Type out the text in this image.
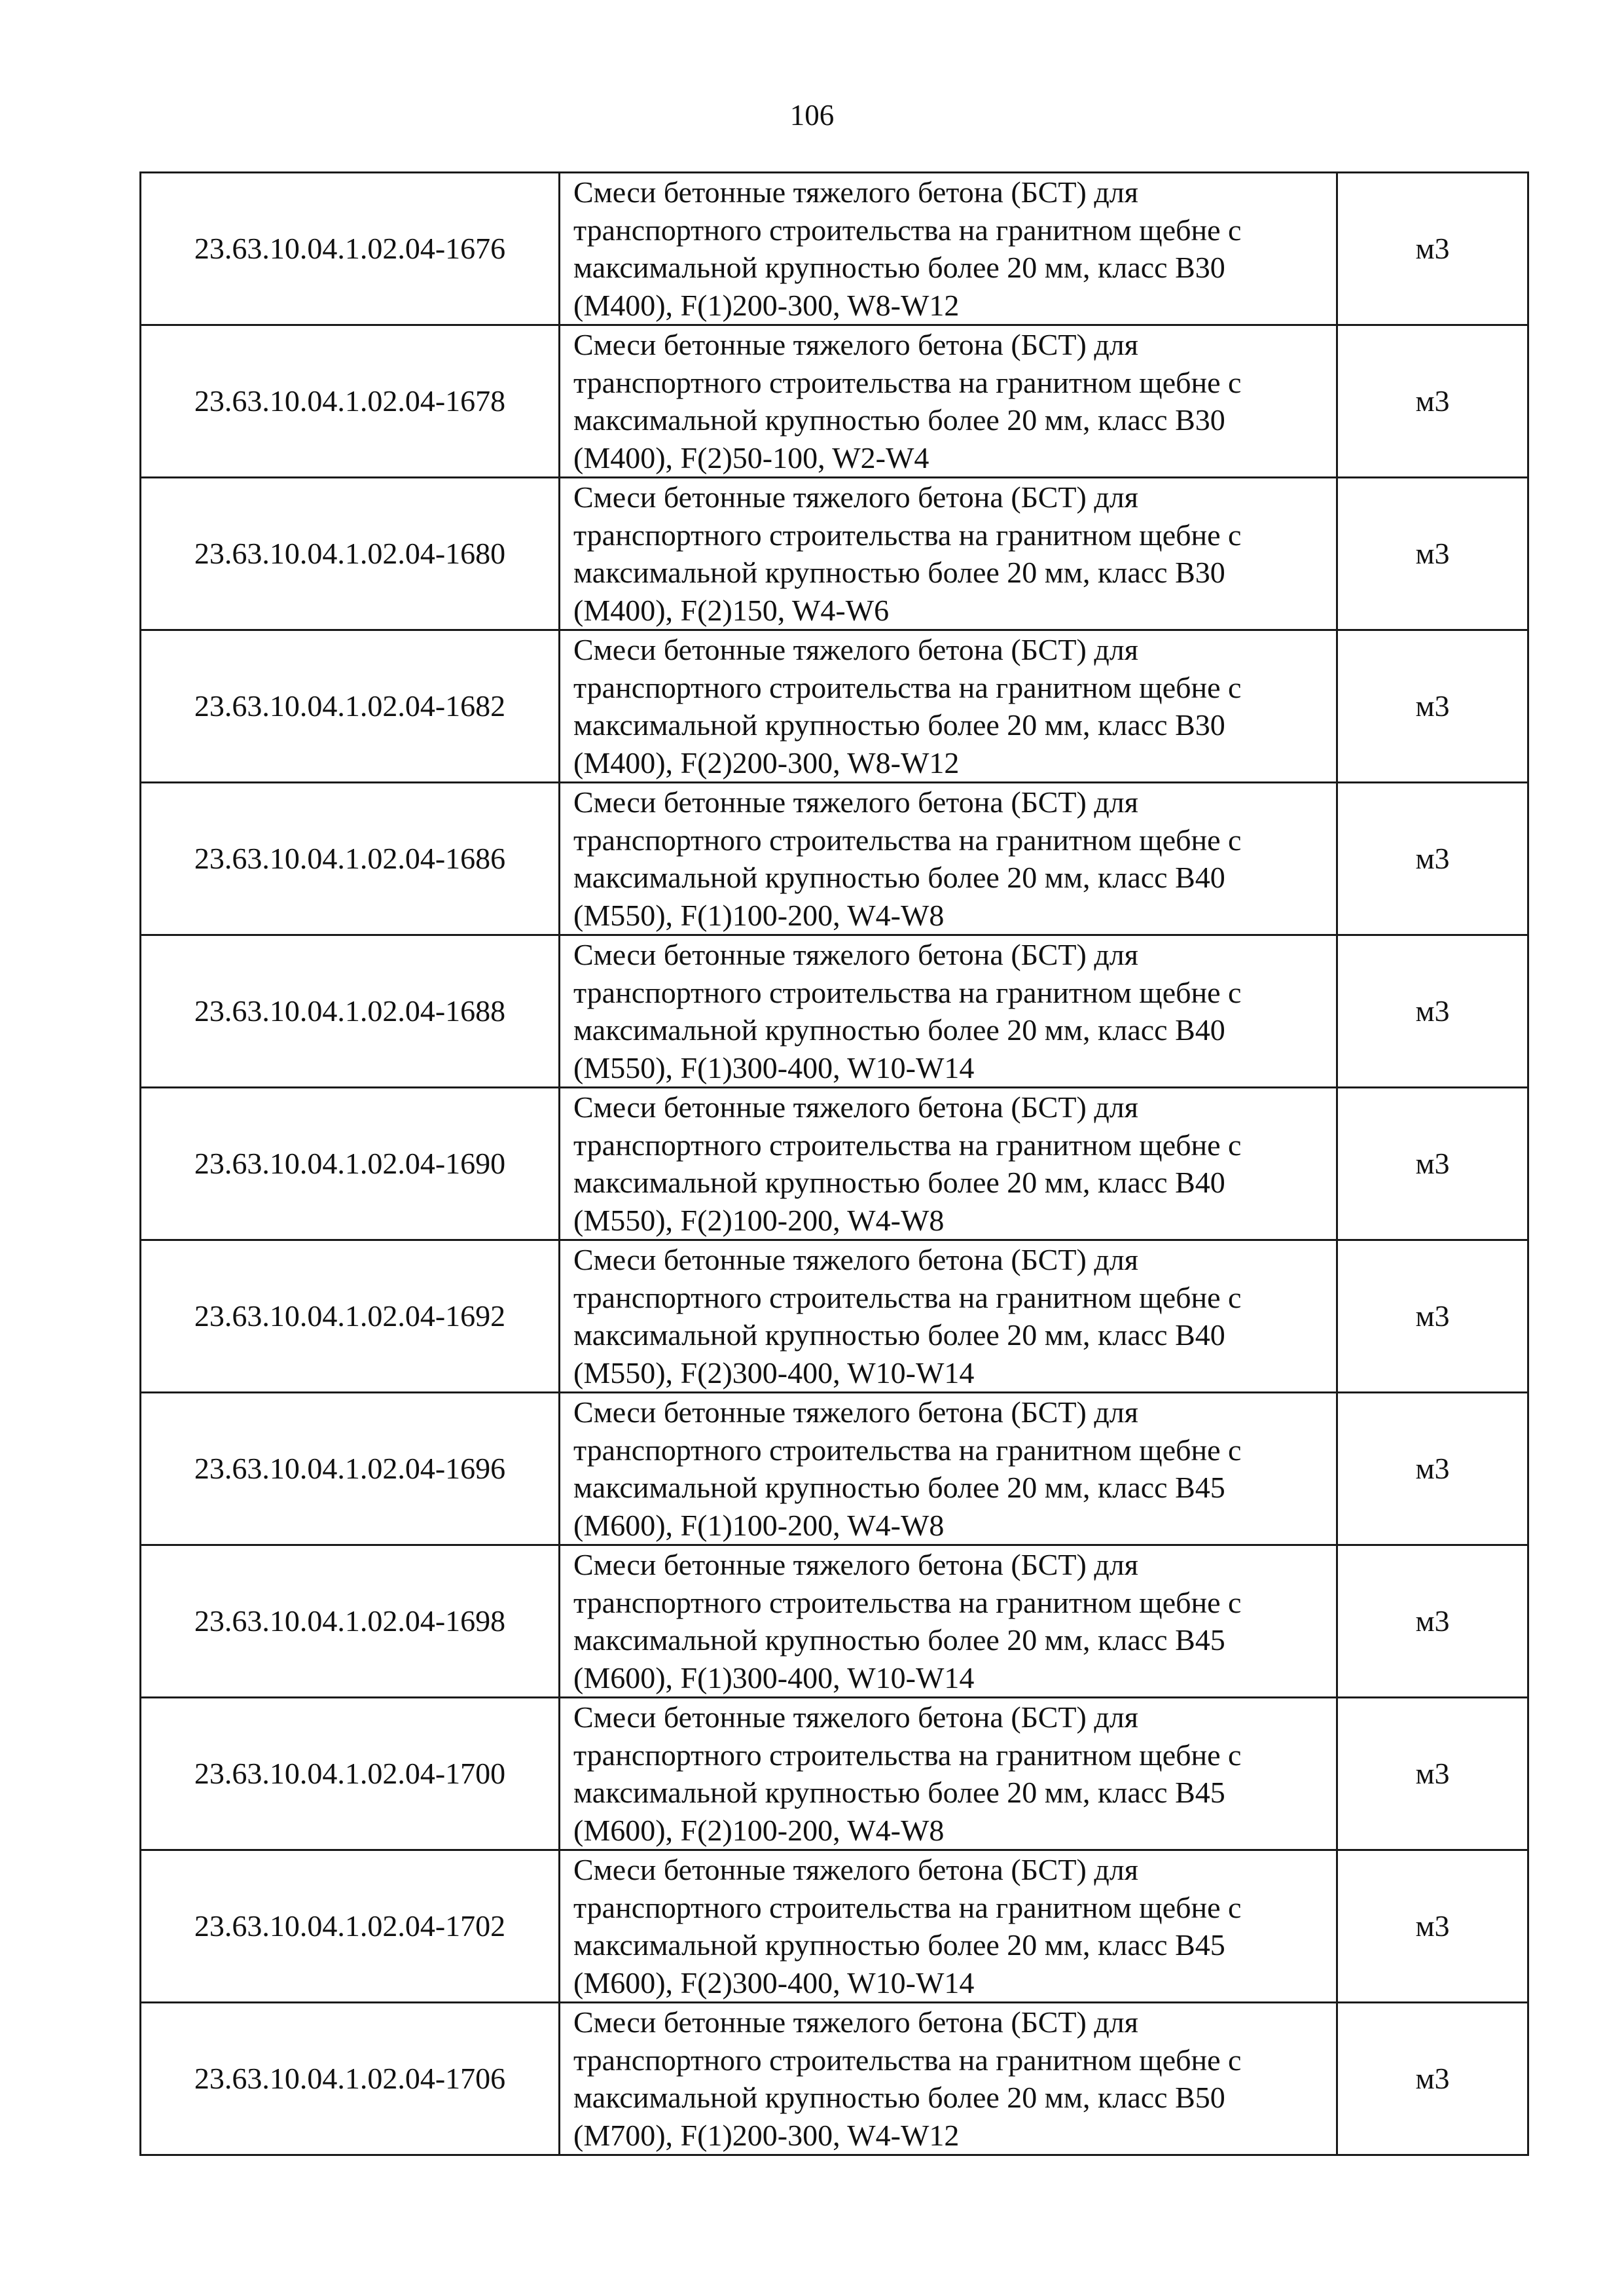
106
23.63.10.04.1.02.04-1676	Смеси бетонные тяжелого бетона (БСТ) для
транспортного строительства на гранитном щебне с
максимальной крупностью более 20 мм, класс В30
(М400), F(1)200-300, W8-W12	м3
23.63.10.04.1.02.04-1678	Смеси бетонные тяжелого бетона (БСТ) для
транспортного строительства на гранитном щебне с
максимальной крупностью более 20 мм, класс В30
(М400), F(2)50-100, W2-W4	м3
23.63.10.04.1.02.04-1680	Смеси бетонные тяжелого бетона (БСТ) для
транспортного строительства на гранитном щебне с
максимальной крупностью более 20 мм, класс В30
(М400), F(2)150, W4-W6	м3
23.63.10.04.1.02.04-1682	Смеси бетонные тяжелого бетона (БСТ) для
транспортного строительства на гранитном щебне с
максимальной крупностью более 20 мм, класс В30
(М400), F(2)200-300, W8-W12	м3
23.63.10.04.1.02.04-1686	Смеси бетонные тяжелого бетона (БСТ) для
транспортного строительства на гранитном щебне с
максимальной крупностью более 20 мм, класс В40
(М550), F(1)100-200, W4-W8	м3
23.63.10.04.1.02.04-1688	Смеси бетонные тяжелого бетона (БСТ) для
транспортного строительства на гранитном щебне с
максимальной крупностью более 20 мм, класс В40
(М550), F(1)300-400, W10-W14	м3
23.63.10.04.1.02.04-1690	Смеси бетонные тяжелого бетона (БСТ) для
транспортного строительства на гранитном щебне с
максимальной крупностью более 20 мм, класс В40
(М550), F(2)100-200, W4-W8	м3
23.63.10.04.1.02.04-1692	Смеси бетонные тяжелого бетона (БСТ) для
транспортного строительства на гранитном щебне с
максимальной крупностью более 20 мм, класс В40
(М550), F(2)300-400, W10-W14	м3
23.63.10.04.1.02.04-1696	Смеси бетонные тяжелого бетона (БСТ) для
транспортного строительства на гранитном щебне с
максимальной крупностью более 20 мм, класс В45
(М600), F(1)100-200, W4-W8	м3
23.63.10.04.1.02.04-1698	Смеси бетонные тяжелого бетона (БСТ) для
транспортного строительства на гранитном щебне с
максимальной крупностью более 20 мм, класс В45
(М600), F(1)300-400, W10-W14	м3
23.63.10.04.1.02.04-1700	Смеси бетонные тяжелого бетона (БСТ) для
транспортного строительства на гранитном щебне с
максимальной крупностью более 20 мм, класс В45
(М600), F(2)100-200, W4-W8	м3
23.63.10.04.1.02.04-1702	Смеси бетонные тяжелого бетона (БСТ) для
транспортного строительства на гранитном щебне с
максимальной крупностью более 20 мм, класс В45
(М600), F(2)300-400, W10-W14	м3
23.63.10.04.1.02.04-1706	Смеси бетонные тяжелого бетона (БСТ) для
транспортного строительства на гранитном щебне с
максимальной крупностью более 20 мм, класс В50
(М700), F(1)200-300, W4-W12	м3
